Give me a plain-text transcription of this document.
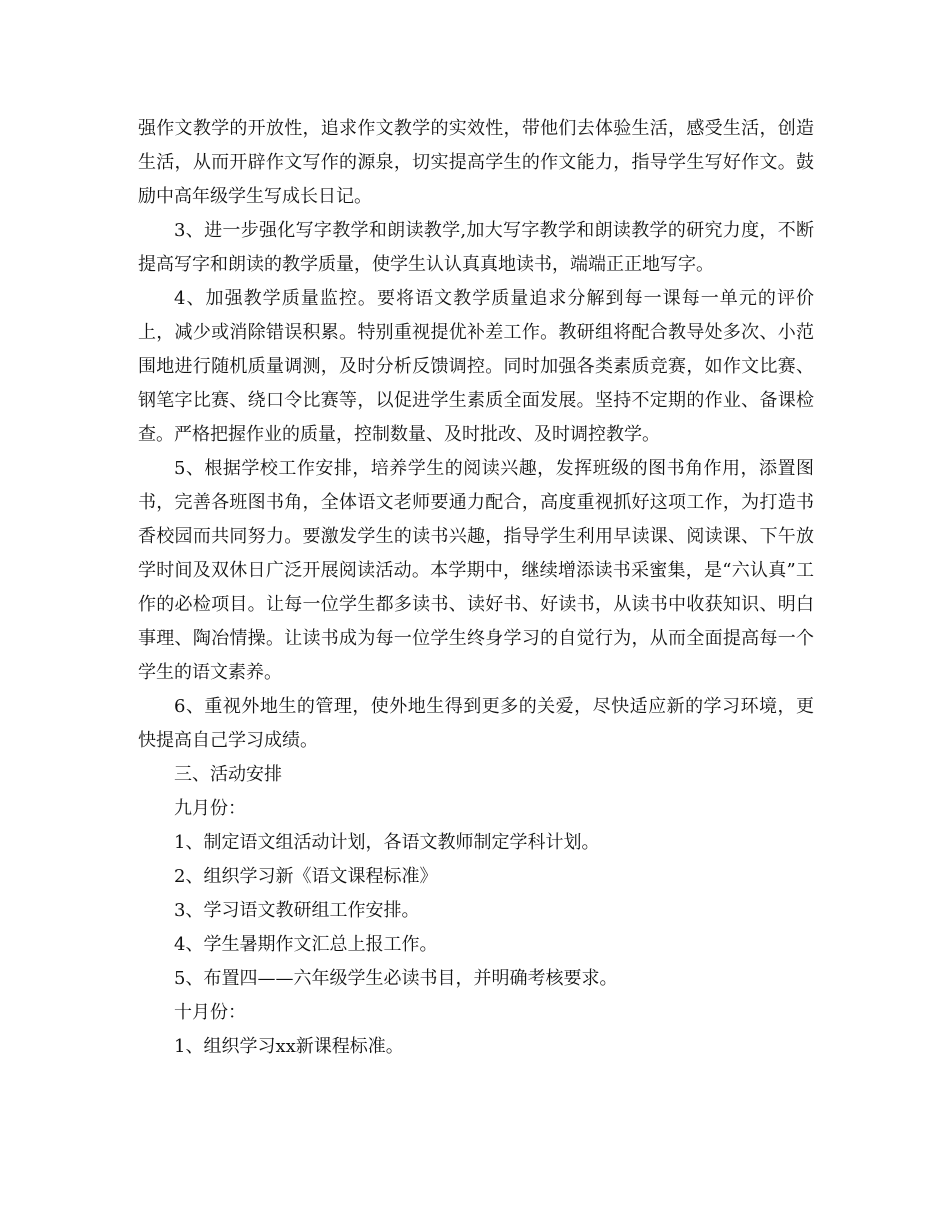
强作文教学的开放性，追求作文教学的实效性，带他们去体验生活，感受生活，创造生活，从而开辟作文写作的源泉，切实提高学生的作文能力，指导学生写好作文。鼓励中高年级学生写成长日记。

3、进一步强化写字教学和朗读教学,加大写字教学和朗读教学的研究力度，不断提高写字和朗读的教学质量，使学生认认真真地读书，端端正正地写字。

4、加强教学质量监控。要将语文教学质量追求分解到每一课每一单元的评价上，减少或消除错误积累。特别重视提优补差工作。教研组将配合教导处多次、小范围地进行随机质量调测，及时分析反馈调控。同时加强各类素质竞赛，如作文比赛、钢笔字比赛、绕口令比赛等，以促进学生素质全面发展。坚持不定期的作业、备课检查。严格把握作业的质量，控制数量、及时批改、及时调控教学。

5、根据学校工作安排，培养学生的阅读兴趣，发挥班级的图书角作用，添置图书，完善各班图书角，全体语文老师要通力配合，高度重视抓好这项工作，为打造书香校园而共同努力。要激发学生的读书兴趣，指导学生利用早读课、阅读课、下午放学时间及双休日广泛开展阅读活动。本学期中，继续增添读书采蜜集，是“六认真”工作的必检项目。让每一位学生都多读书、读好书、好读书，从读书中收获知识、明白事理、陶冶情操。让读书成为每一位学生终身学习的自觉行为，从而全面提高每一个学生的语文素养。

6、重视外地生的管理，使外地生得到更多的关爱，尽快适应新的学习环境，更快提高自己学习成绩。

三、活动安排

九月份：

1、制定语文组活动计划，各语文教师制定学科计划。

2、组织学习新《语文课程标准》

3、学习语文教研组工作安排。

4、学生暑期作文汇总上报工作。

5、布置四——六年级学生必读书目，并明确考核要求。

十月份：

1、组织学习xx新课程标准。
